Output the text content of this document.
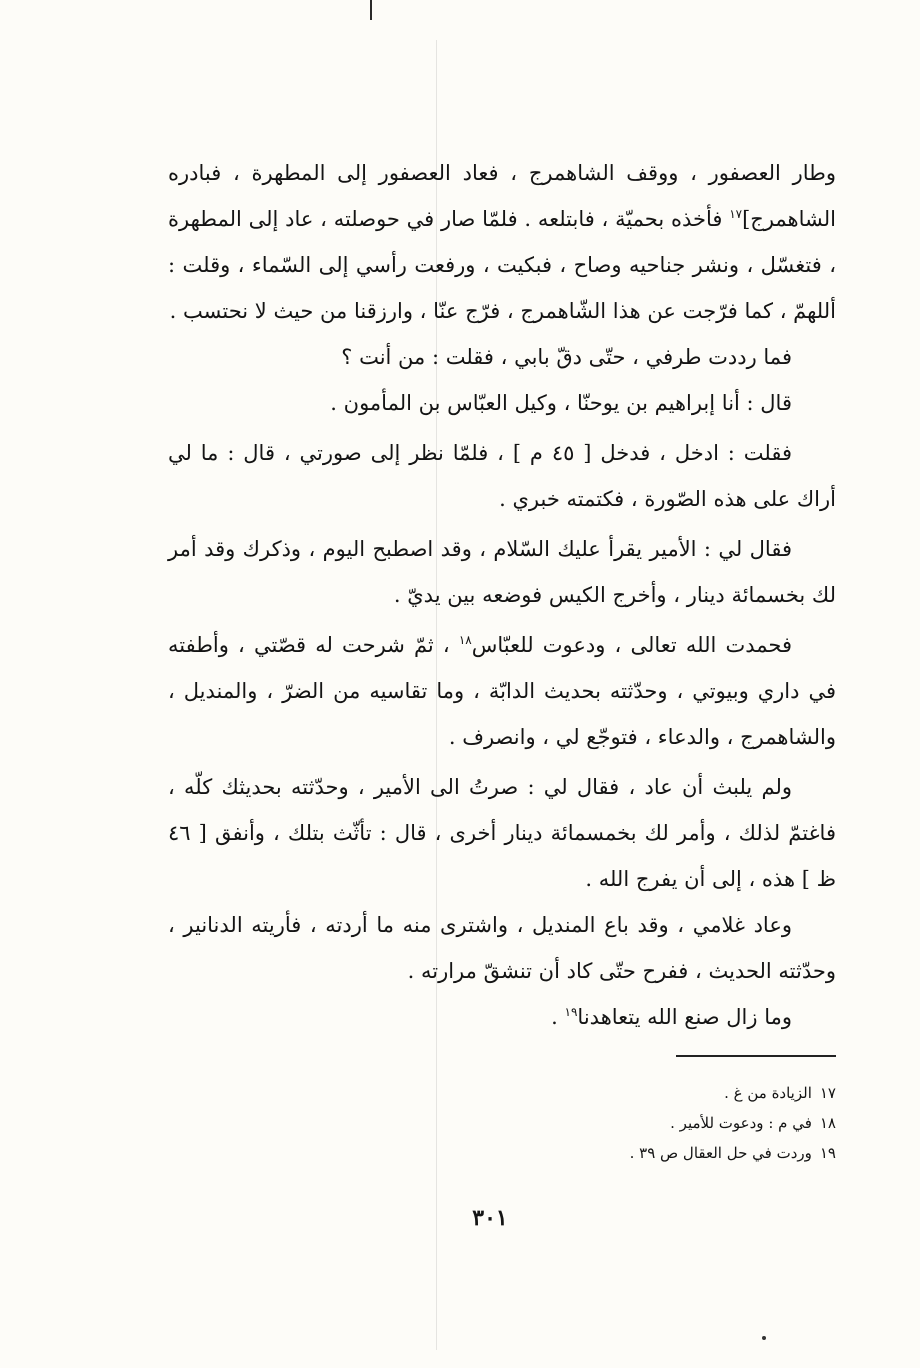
وطار العصفور ، ووقف الشاهمرج ، فعاد العصفور إلى المطهرة ، فبادره الشاهمرج]$^{١٧}$ فأخذه بحميّة ، فابتلعه . فلمّا صار في حوصلته ، عاد إلى المطهرة ، فتغسّل ، ونشر جناحيه وصاح ، فبكيت ، ورفعت رأسي إلى السّماء ، وقلت : أللهمّ ، كما فرّجت عن هذا الشّاهمرج ، فرّج عنّا ، وارزقنا من حيث لا نحتسب .

فما رددت طرفي ، حتّى دقّ بابي ، فقلت : من أنت ؟

قال : أنا إبراهيم بن يوحنّا ، وكيل العبّاس بن المأمون .

فقلت : ادخل ، فدخل [ ٤٥ م ] ، فلمّا نظر إلى صورتي ، قال : ما لي أراك على هذه الصّورة ، فكتمته خبري .

فقال لي : الأمير يقرأ عليك السّلام ، وقد اصطبح اليوم ، وذكرك وقد أمر لك بخسمائة دينار ، وأخرج الكيس فوضعه بين يديّ .

فحمدت الله تعالى ، ودعوت للعبّاس$^{١٨}$ ، ثمّ شرحت له قصّتي ، وأطفته في داري وبيوتي ، وحدّثته بحديث الدابّة ، وما تقاسيه من الضرّ ، والمنديل ، والشاهمرج ، والدعاء ، فتوجّع لي ، وانصرف .

ولم يلبث أن عاد ، فقال لي : صرتُ الى الأمير ، وحدّثته بحديثك كلّه ، فاغتمّ لذلك ، وأمر لك بخمسمائة دينار أخرى ، قال : تأثّث بتلك ، وأنفق [ ٤٦ ظ ] هذه ، إلى أن يفرج الله .

وعاد غلامي ، وقد باع المنديل ، واشترى منه ما أردته ، فأريته الدنانير ، وحدّثته الحديث ، ففرح حتّى كاد أن تنشقّ مرارته .

وما زال صنع الله يتعاهدنا$^{١٩}$ .

١٧الزيادة من غ .
١٨في م : ودعوت للأمير .
١٩وردت في حل العقال ص ٣٩ .
٣٠١
